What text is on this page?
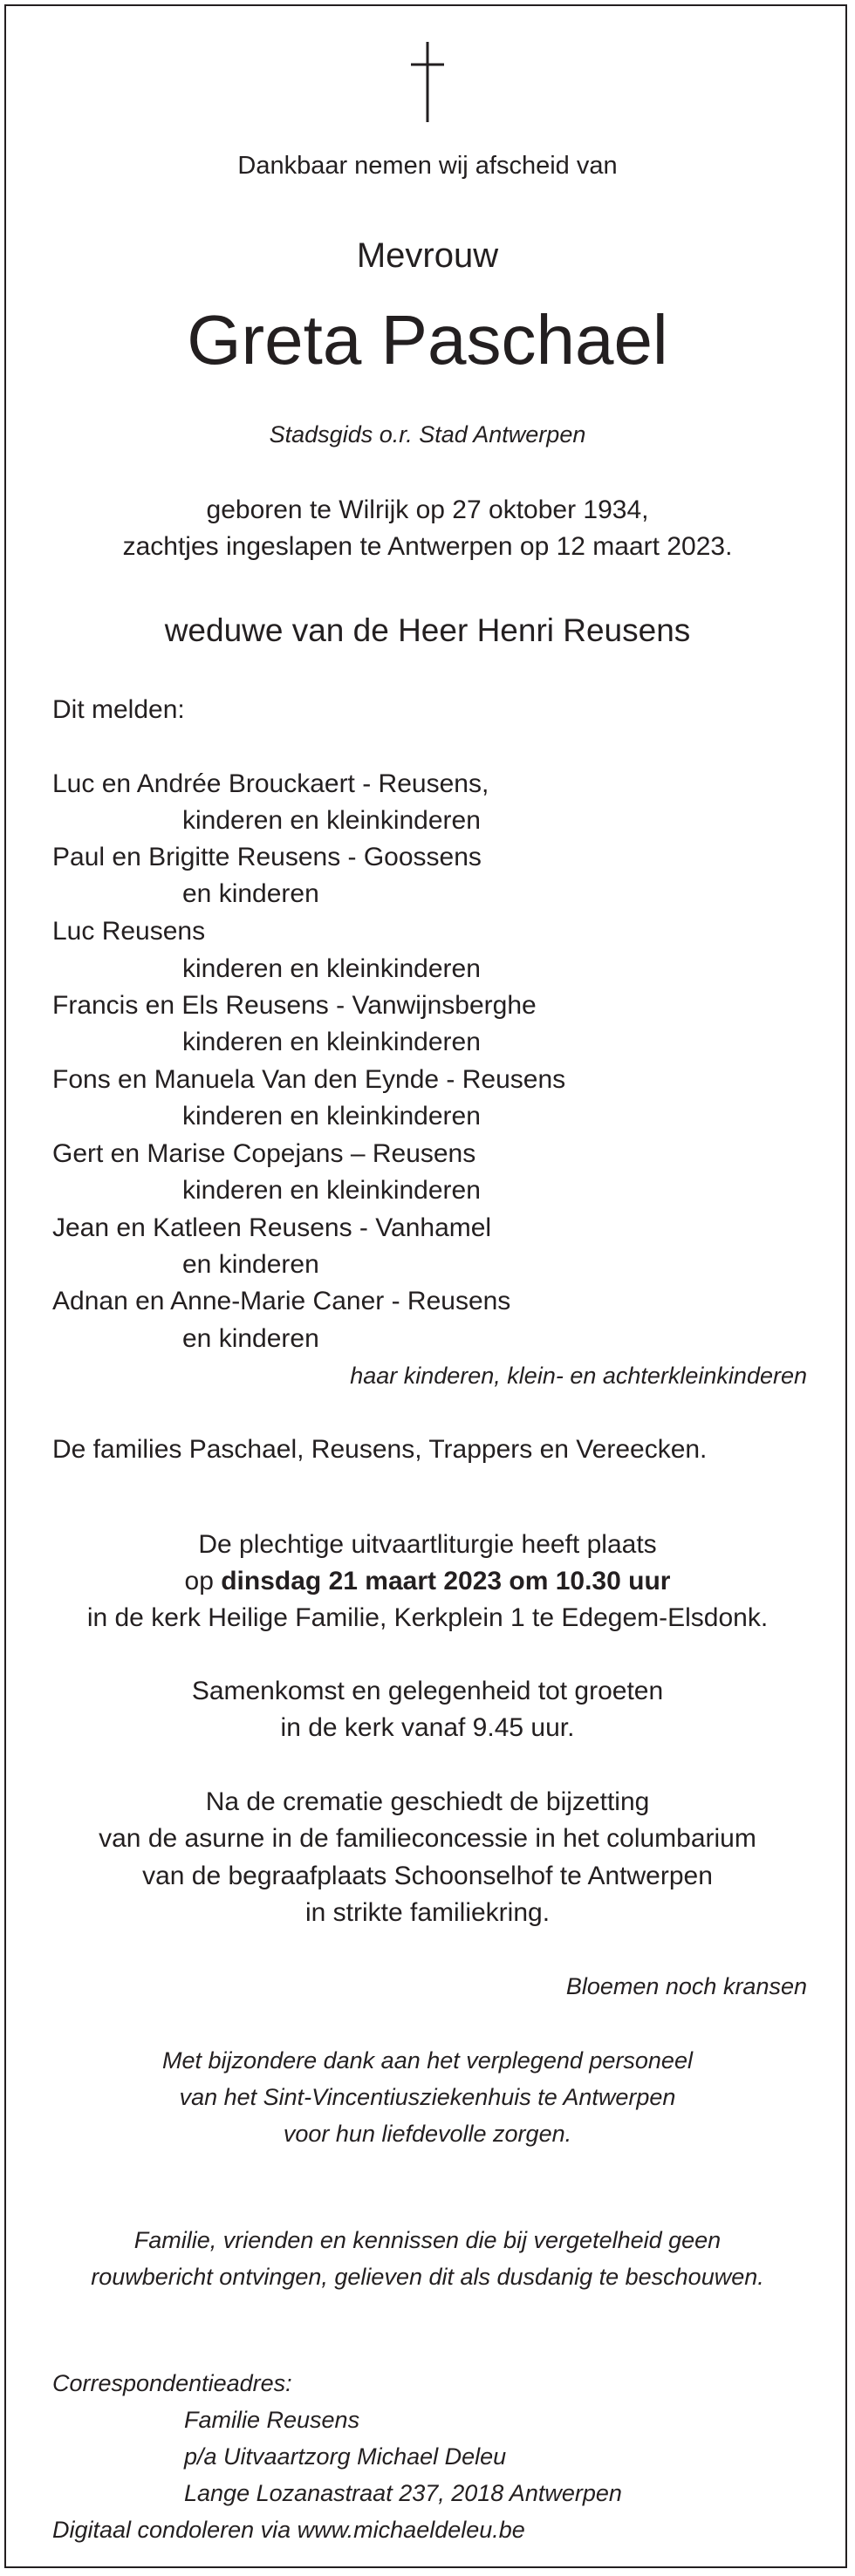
Dankbaar nemen wij afscheid van
Mevrouw
Greta Paschael
Stadsgids o.r. Stad Antwerpen
geboren te Wilrijk op 27 oktober 1934,
zachtjes ingeslapen te Antwerpen op 12 maart 2023.
weduwe van de Heer Henri Reusens
Dit melden:
Luc en Andrée Brouckaert - Reusens,
kinderen en kleinkinderen
Paul en Brigitte Reusens - Goossens
en kinderen
Luc Reusens
kinderen en kleinkinderen
Francis en Els Reusens - Vanwijnsberghe
kinderen en kleinkinderen
Fons en Manuela Van den Eynde - Reusens
kinderen en kleinkinderen
Gert en Marise Copejans – Reusens
kinderen en kleinkinderen
Jean en Katleen Reusens - Vanhamel
en kinderen
Adnan en Anne-Marie Caner - Reusens
en kinderen
haar kinderen, klein- en achterkleinkinderen
De families Paschael, Reusens, Trappers en Vereecken.
De plechtige uitvaartliturgie heeft plaats
op dinsdag 21 maart 2023 om 10.30 uur
in de kerk Heilige Familie, Kerkplein 1 te Edegem-Elsdonk.
Samenkomst en gelegenheid tot groeten
in de kerk vanaf 9.45 uur.
Na de crematie geschiedt de bijzetting
van de asurne in de familieconcessie in het columbarium
van de begraafplaats Schoonselhof te Antwerpen
in strikte familiekring.
Bloemen noch kransen
Met bijzondere dank aan het verplegend personeel
van het Sint-Vincentiusziekenhuis te Antwerpen
voor hun liefdevolle zorgen.
Familie, vrienden en kennissen die bij vergetelheid geen
rouwbericht ontvingen, gelieven dit als dusdanig te beschouwen.
Correspondentieadres:
Familie Reusens
p/a Uitvaartzorg Michael Deleu
Lange Lozanastraat 237, 2018 Antwerpen
Digitaal condoleren via www.michaeldeleu.be
